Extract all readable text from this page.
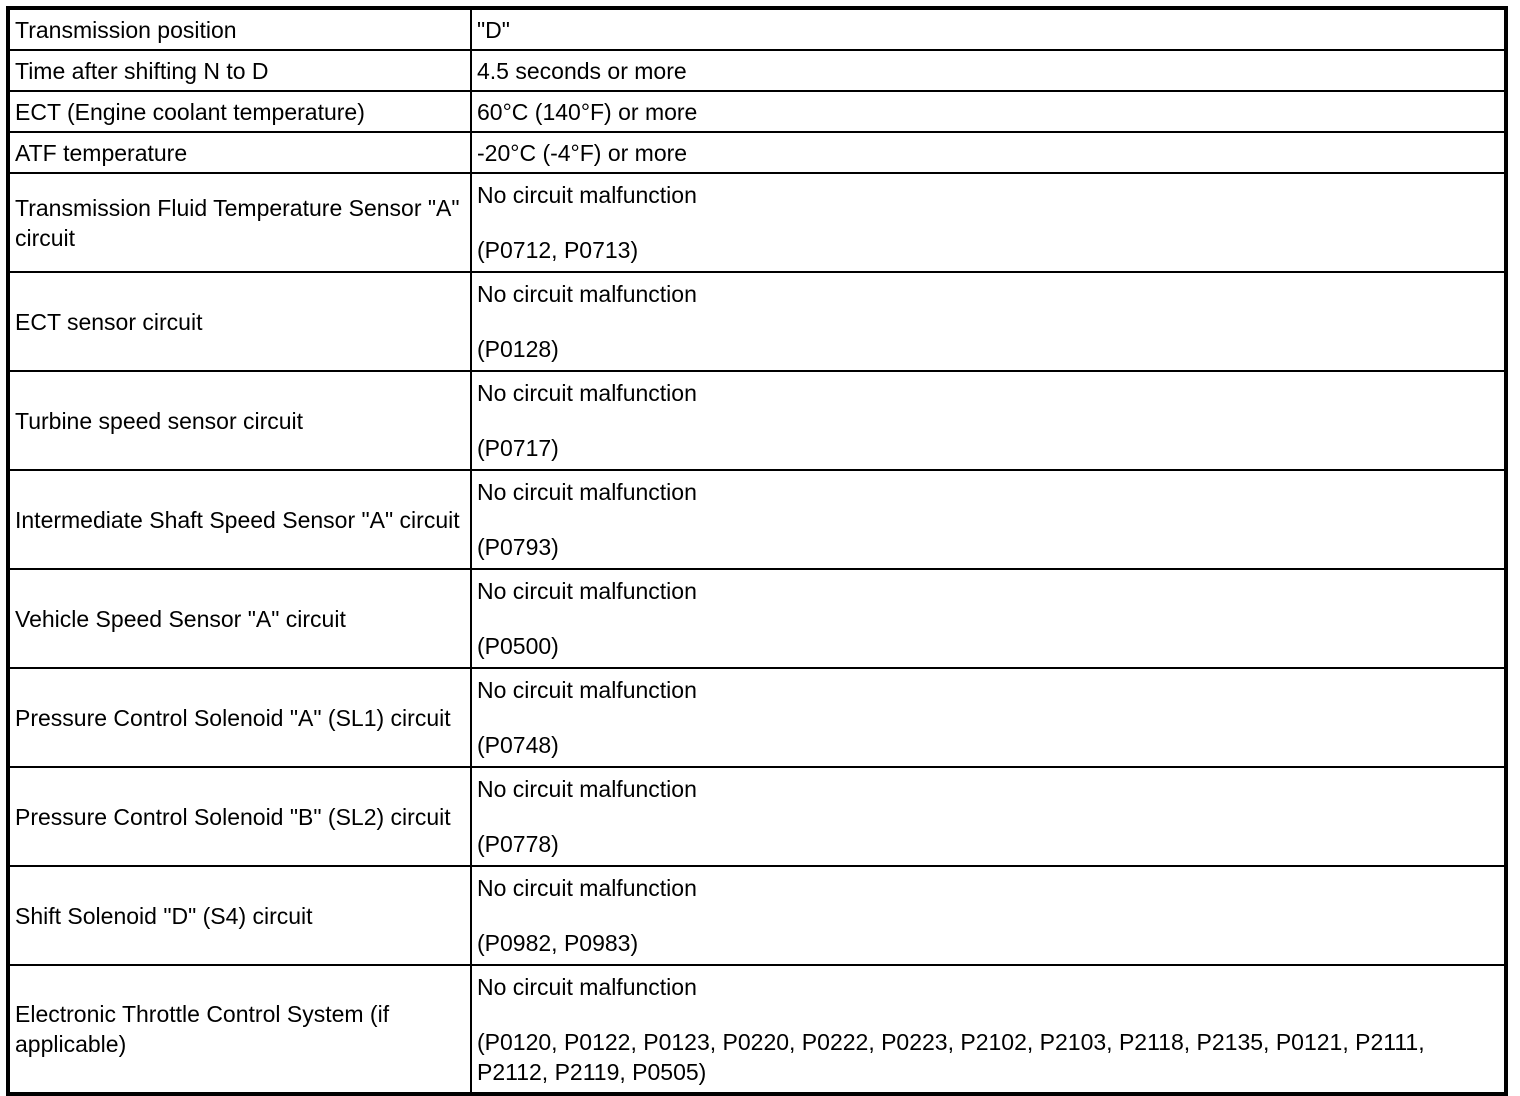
Transmission position	"D"
Time after shifting N to D	4.5 seconds or more
ECT (Engine coolant temperature)	60°C (140°F) or more
ATF temperature	-20°C (-4°F) or more
Transmission Fluid Temperature Sensor "A" circuit	No circuit malfunction
(P0712, P0713)

ECT sensor circuit	No circuit malfunction
(P0128)

Turbine speed sensor circuit	No circuit malfunction
(P0717)

Intermediate Shaft Speed Sensor "A" circuit	No circuit malfunction
(P0793)

Vehicle Speed Sensor "A" circuit	No circuit malfunction
(P0500)

Pressure Control Solenoid "A" (SL1) circuit	No circuit malfunction
(P0748)

Pressure Control Solenoid "B" (SL2) circuit	No circuit malfunction
(P0778)

Shift Solenoid "D" (S4) circuit	No circuit malfunction
(P0982, P0983)

Electronic Throttle Control System (if applicable)	No circuit malfunction
(P0120, P0122, P0123, P0220, P0222, P0223, P2102, P2103, P2118, P2135, P0121, P2111, P2112, P2119, P0505)
